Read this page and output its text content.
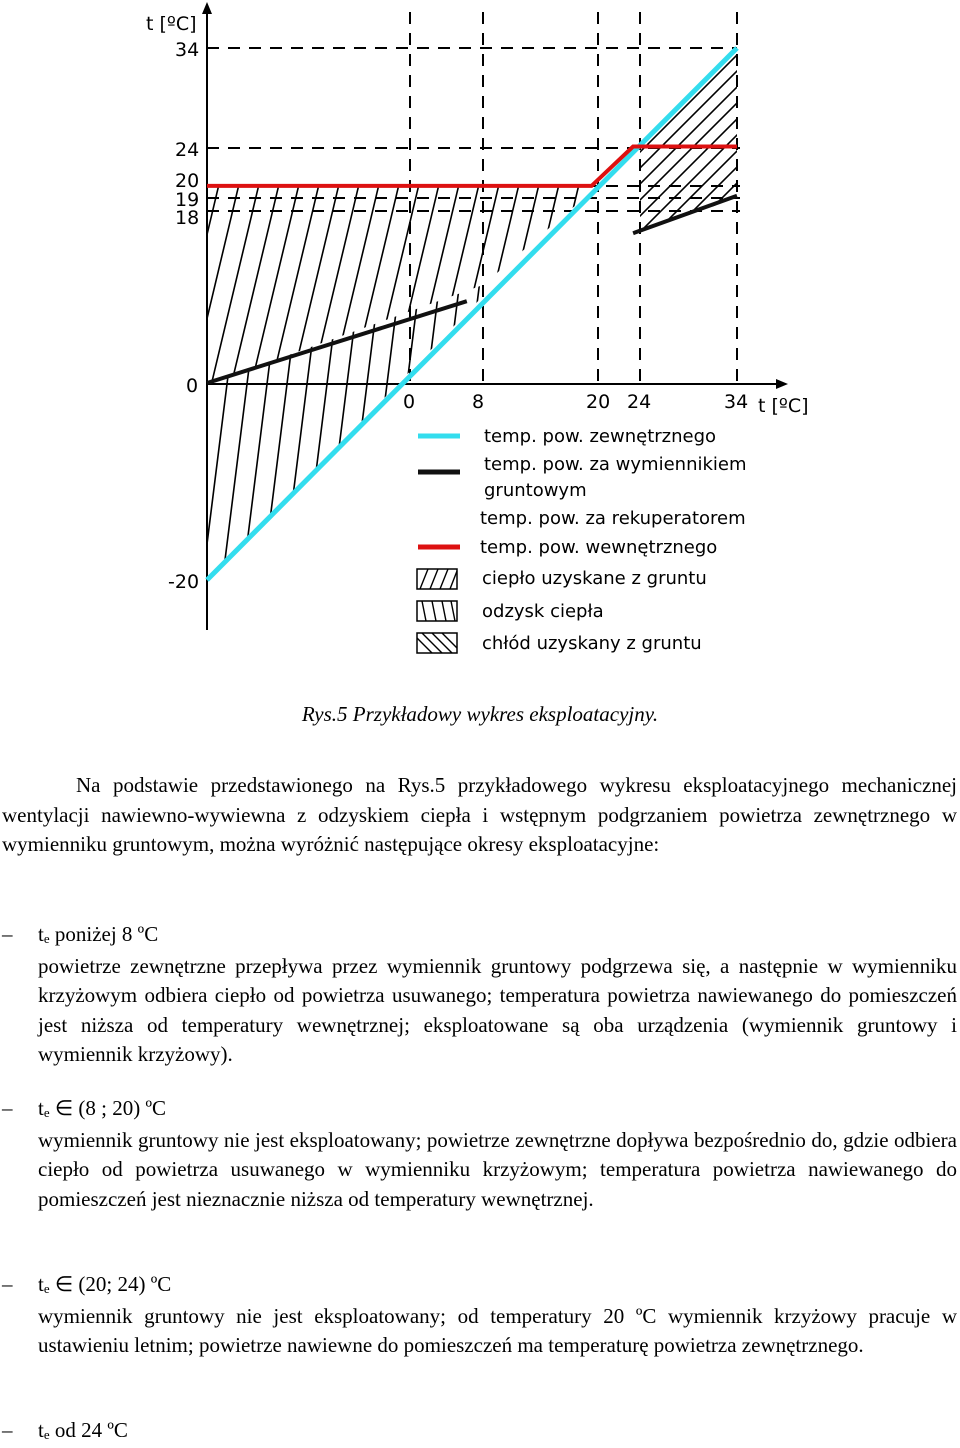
t [ºC]
t [ºC]
34
24
20
19
18
0
-20
0	8	20 24	34
temp. pow. zewnętrznego
temp. pow. za wymiennikiem
gruntowym
temp. pow. za rekuperatorem
temp. pow. wewnętrznego
ciepło uzyskane z gruntu
odzysk ciepła
chłód uzyskany z gruntu
Rys.5 Przykładowy wykres eksploatacyjny.
Na podstawie przedstawionego na Rys.5 przykładowego wykresu eksploatacyjnego mechanicznej wentylacji nawiewno-wywiewna z odzyskiem ciepła i wstępnym podgrzaniem powietrza zewnętrznego w wymienniku gruntowym, można wyróżnić następujące okresy eksploatacyjne:
– te poniżej 8 ºC
powietrze zewnętrzne przepływa przez wymiennik gruntowy podgrzewa się, a następnie w wymienniku krzyżowym odbiera ciepło od powietrza usuwanego; temperatura powietrza nawiewanego do pomieszczeń jest niższa od temperatury wewnętrznej; eksploatowane są oba urządzenia (wymiennik gruntowy i wymiennik krzyżowy).
– te ∈ (8 ; 20) ºC
wymiennik gruntowy nie jest eksploatowany; powietrze zewnętrzne dopływa bezpośrednio do, gdzie odbiera ciepło od powietrza usuwanego w wymienniku krzyżowym; temperatura powietrza nawiewanego do pomieszczeń jest nieznacznie niższa od temperatury wewnętrznej.
– te ∈ (20; 24) ºC
wymiennik gruntowy nie jest eksploatowany; od temperatury 20 ºC wymiennik krzyżowy pracuje w ustawieniu letnim; powietrze nawiewne do pomieszczeń ma temperaturę powietrza zewnętrznego.
– te od 24 ºC
